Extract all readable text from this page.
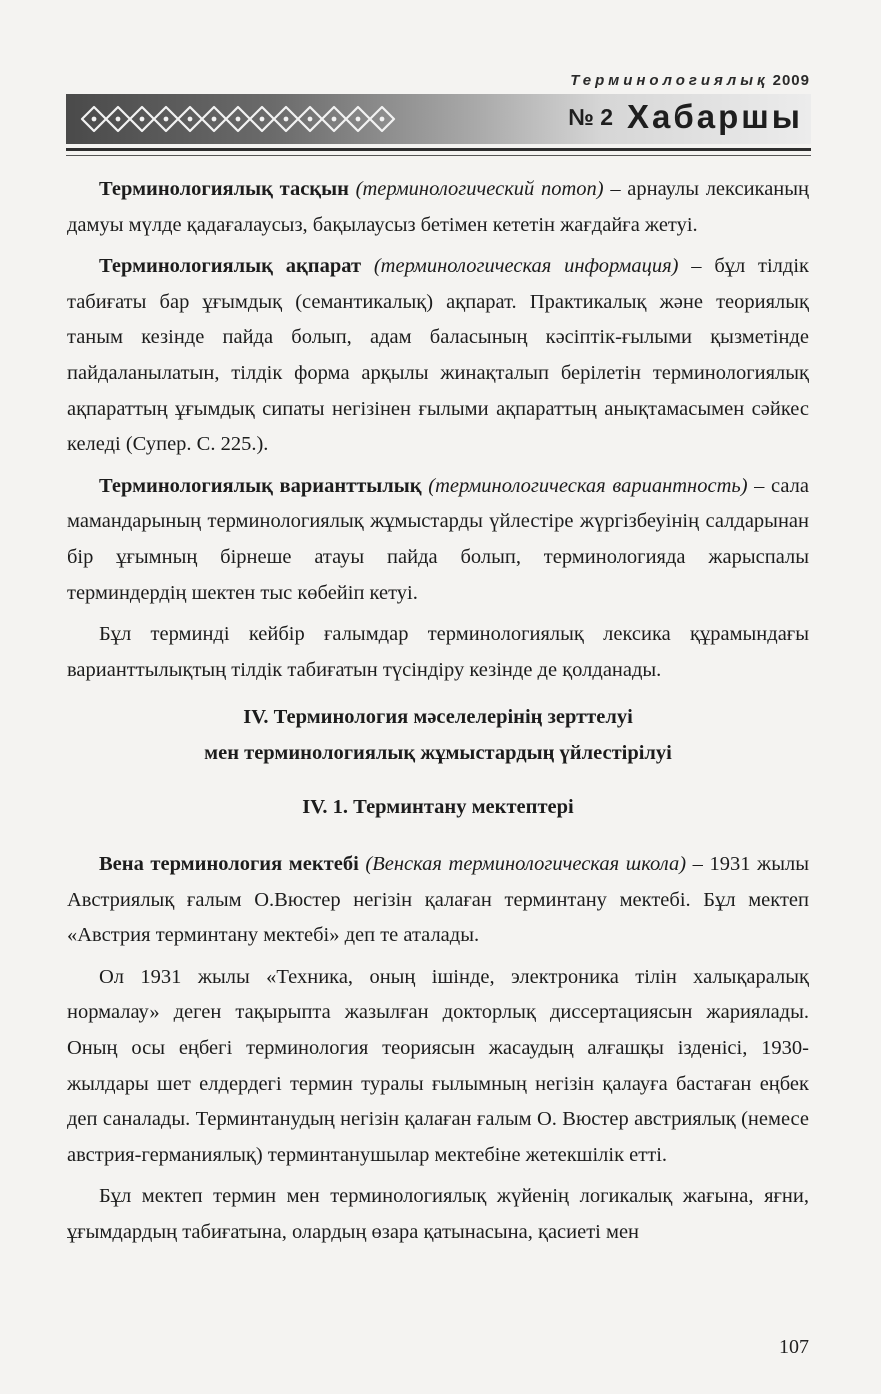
Терминологиялық 2009
№ 2 Хабаршы

Терминологиялық тасқын (терминологический потоп) – арнаулы лексиканың дамуы мүлде қадағалаусыз, бақылаусыз бетімен кететін жағдайға жетуі.

Терминологиялық ақпарат (терминологическая информация) – бұл тілдік табиғаты бар ұғымдық (семантикалық) ақпарат. Практикалық және теориялық таным кезінде пайда болып, адам баласының кәсіптік-ғылыми қызметінде пайдаланылатын, тілдік форма арқылы жинақталып берілетін терминологиялық ақпараттың ұғымдық сипаты негізінен ғылыми ақпараттың анықтамасымен сәйкес келеді (Супер. С. 225.).

Терминологиялық варианттылық (терминологическая вариантность) – сала мамандарының терминологиялық жұмыстарды үйлестіре жүргізбеуінің салдарынан бір ұғымның бірнеше атауы пайда болып, терминологияда жарыспалы терминдердің шектен тыс көбейіп кетуі.

Бұл терминді кейбір ғалымдар терминологиялық лексика құрамындағы варианттылықтың тілдік табиғатын түсіндіру кезінде де қолданады.

IV. Терминология мәселелерінің зерттелуі
мен терминологиялық жұмыстардың үйлестірілуі

IV. 1. Терминтану мектептері

Вена терминология мектебі (Венская терминологическая школа) – 1931 жылы Австриялық ғалым О.Вюстер негізін қалаған терминтану мектебі. Бұл мектеп «Австрия терминтану мектебі» деп те аталады.

Ол 1931 жылы «Техника, оның ішінде, электроника тілін халықаралық нормалау» деген тақырыпта жазылған докторлық диссертациясын жариялады. Оның осы еңбегі терминология теориясын жасаудың алғашқы ізденісі, 1930-жылдары шет елдердегі термин туралы ғылымның негізін қалауға бастаған еңбек деп саналады. Терминтанудың негізін қалаған ғалым О. Вюстер австриялық (немесе австрия-германиялық) терминтанушылар мектебіне жетекшілік етті.

Бұл мектеп термин мен терминологиялық жүйенің логикалық жағына, яғни, ұғымдардың табиғатына, олардың өзара қатынасына, қасиеті мен

107
